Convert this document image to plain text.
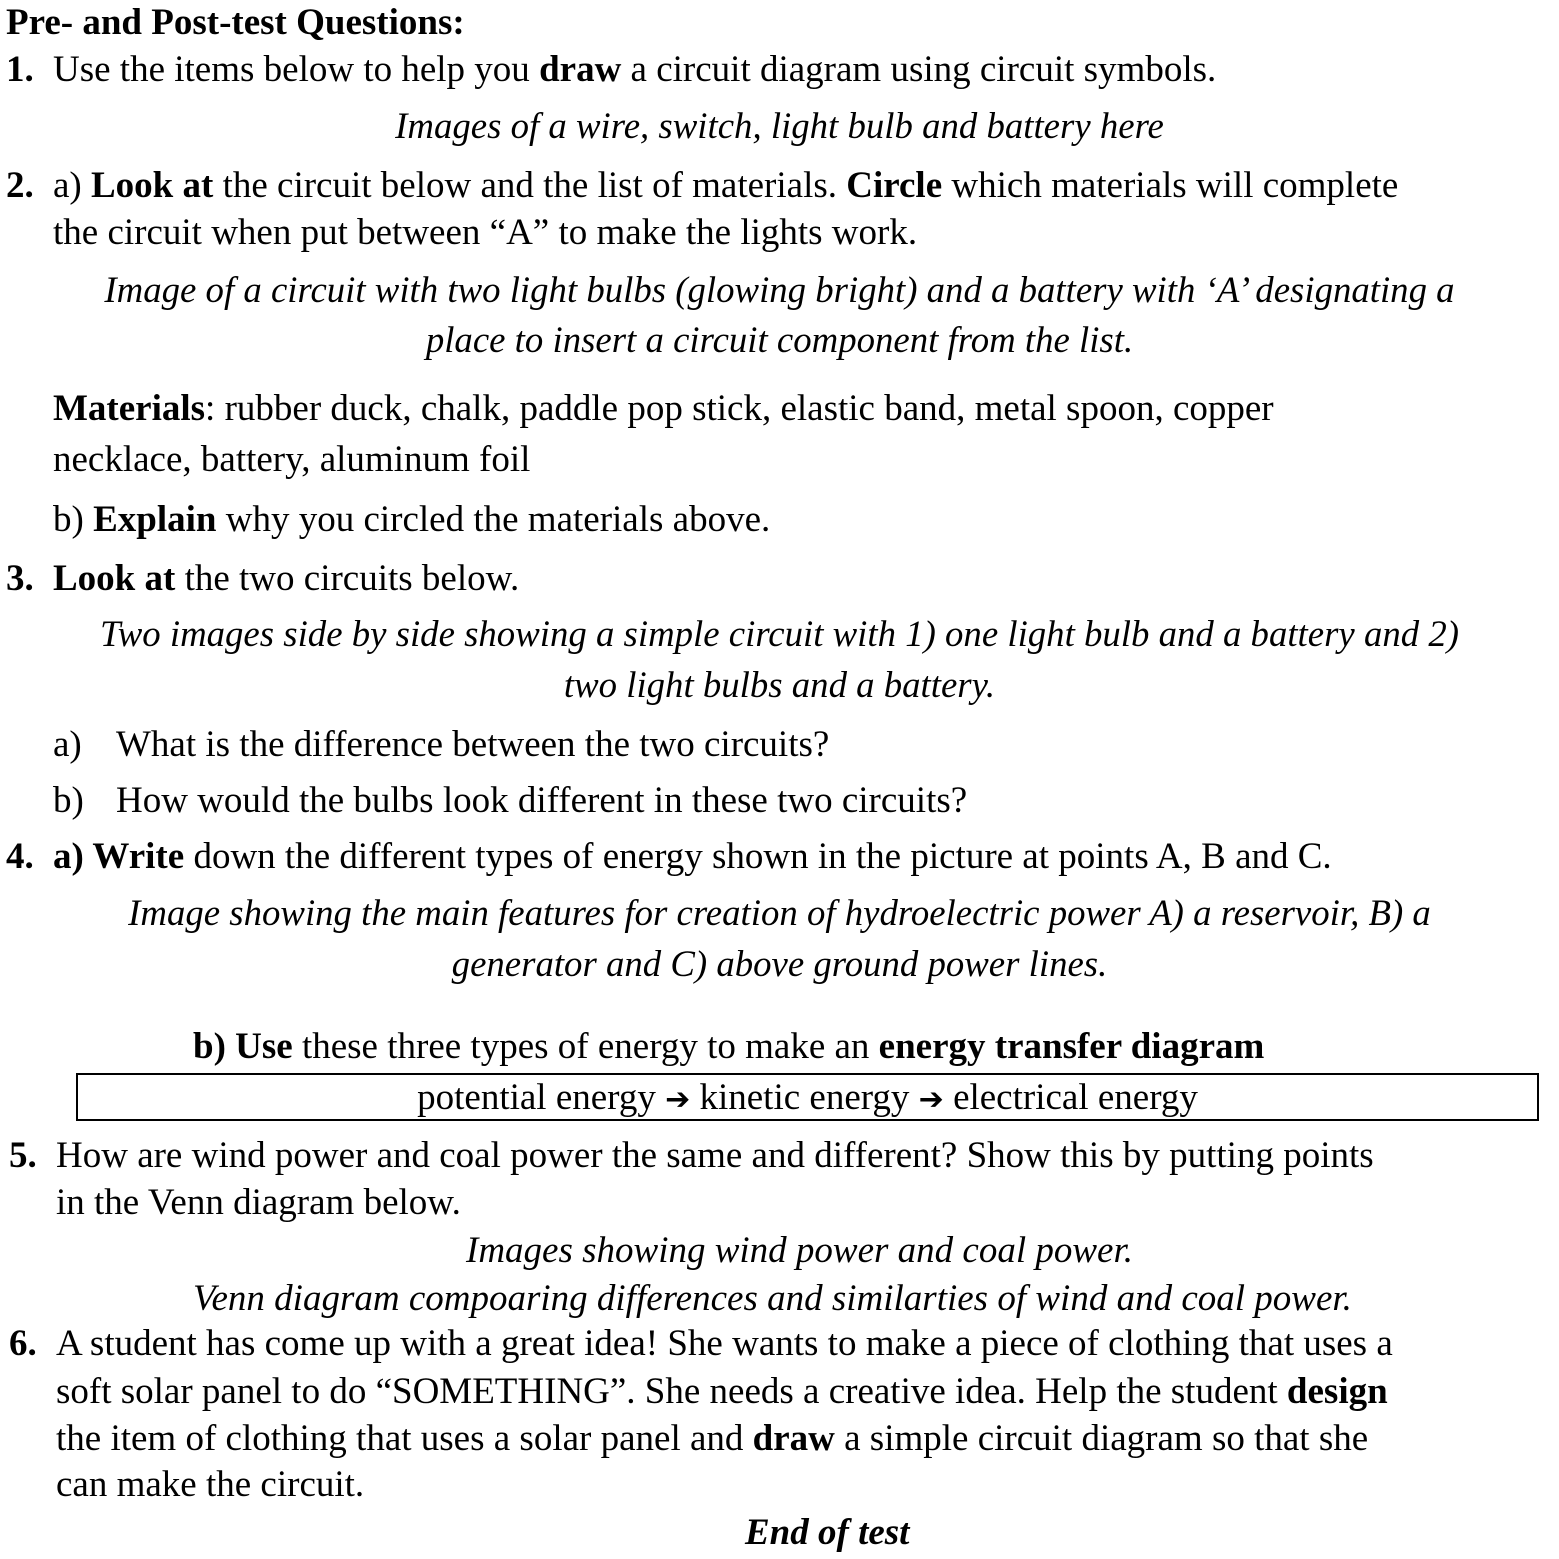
Pre- and Post-test Questions:
1. Use the items below to help you draw a circuit diagram using circuit symbols.
Images of a wire, switch, light bulb and battery here
2. a) Look at the circuit below and the list of materials. Circle which materials will complete
the circuit when put between “A” to make the lights work.
Image of a circuit with two light bulbs (glowing bright) and a battery with ‘A’ designating a
place to insert a circuit component from the list.
Materials: rubber duck, chalk, paddle pop stick, elastic band, metal spoon, copper
necklace, battery, aluminum foil
b) Explain why you circled the materials above.
3. Look at the two circuits below.
Two images side by side showing a simple circuit with 1) one light bulb and a battery and 2)
two light bulbs and a battery.
a) What is the difference between the two circuits?
b) How would the bulbs look different in these two circuits?
4. a) Write down the different types of energy shown in the picture at points A, B and C.
Image showing the main features for creation of hydroelectric power A) a reservoir, B) a
generator and C) above ground power lines.
b) Use these three types of energy to make an energy transfer diagram
potential energy ➔ kinetic energy ➔ electrical energy
5. How are wind power and coal power the same and different? Show this by putting points
in the Venn diagram below.
Images showing wind power and coal power.
Venn diagram compoaring differences and similarties of wind and coal power.
6. A student has come up with a great idea! She wants to make a piece of clothing that uses a
soft solar panel to do “SOMETHING”. She needs a creative idea. Help the student design
the item of clothing that uses a solar panel and draw a simple circuit diagram so that she
can make the circuit.
End of test
